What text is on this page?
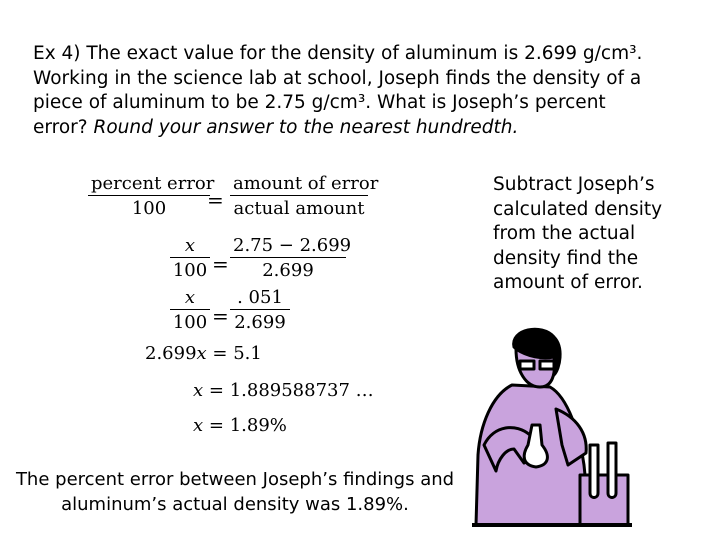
Ex 4) The exact value for the density of aluminum is 2.699 g/cm³.
Working in the science lab at school, Joseph finds the density of a
piece of aluminum to be 2.75 g/cm³. What is Joseph’s percent
error? Round your answer to the nearest hundredth.
Subtract Joseph’s calculated density from the actual density find the amount of error.
percent error
100	=
amount of error
actual amount
$\frac{x}{100} = \frac{2.75 - 2.699}{2.699}$
$\frac{x}{100} = \frac{. 051}{2.699}$
2.699x = 5.1
x = 1.889588737 …
x = 1.89%
The percent error between Joseph’s findings and
aluminum’s actual density was 1.89%.
